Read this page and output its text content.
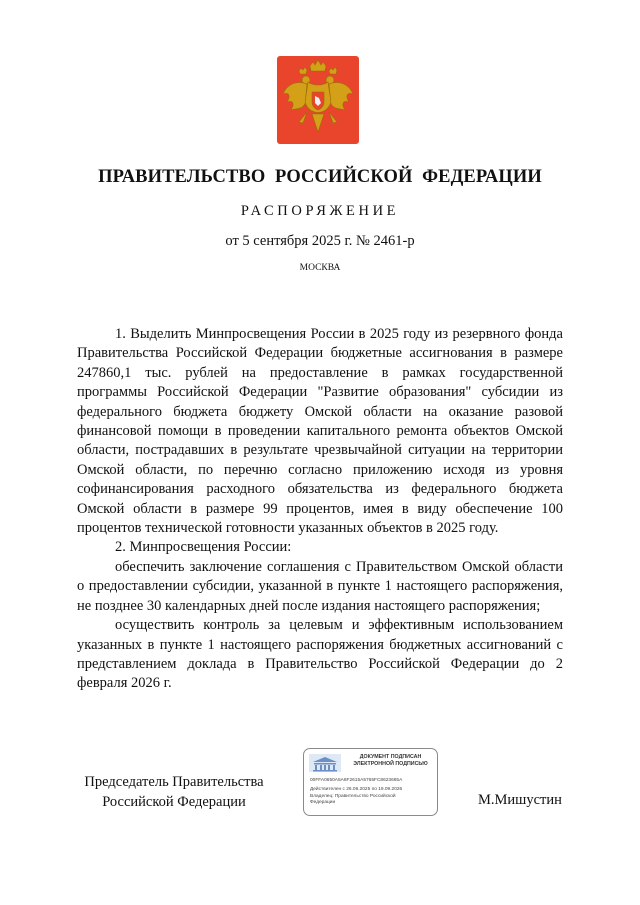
ПРАВИТЕЛЬСТВО РОССИЙСКОЙ ФЕДЕРАЦИИ
РАСПОРЯЖЕНИЕ
от 5 сентября 2025 г. № 2461-р
МОСКВА

1. Выделить Минпросвещения России в 2025 году из резервного фонда Правительства Российской Федерации бюджетные ассигнования в размере 247860,1 тыс. рублей на предоставление в рамках государственной программы Российской Федерации "Развитие образования" субсидии из федерального бюджета бюджету Омской области на оказание разовой финансовой помощи в проведении капитального ремонта объектов Омской области, пострадавших в результате чрезвычайной ситуации на территории Омской области, по перечню согласно приложению исходя из уровня софинансирования расходного обязательства из федерального бюджета Омской области в размере 99 процентов, имея в виду обеспечение 100 процентов технической готовности указанных объектов в 2025 году.

2. Минпросвещения России:

обеспечить заключение соглашения с Правительством Омской области о предоставлении субсидии, указанной в пункте 1 настоящего распоряжения, не позднее 30 календарных дней после издания настоящего распоряжения;

осуществить контроль за целевым и эффективным использованием указанных в пункте 1 настоящего распоряжения бюджетных ассигнований с представлением доклада в Правительство Российской Федерации до 2 февраля 2026 г.

Председатель Правительства
Российской Федерации
ДОКУМЕНТ ПОДПИСАН
ЭЛЕКТРОННОЙ ПОДПИСЬЮ
00FFA0650A5A8F2615A5765FC8623665A
Действителен с 26.06.2025 по 19.09.2026
Владелец: Правительство Российской
Федерации	М.Мишустин
